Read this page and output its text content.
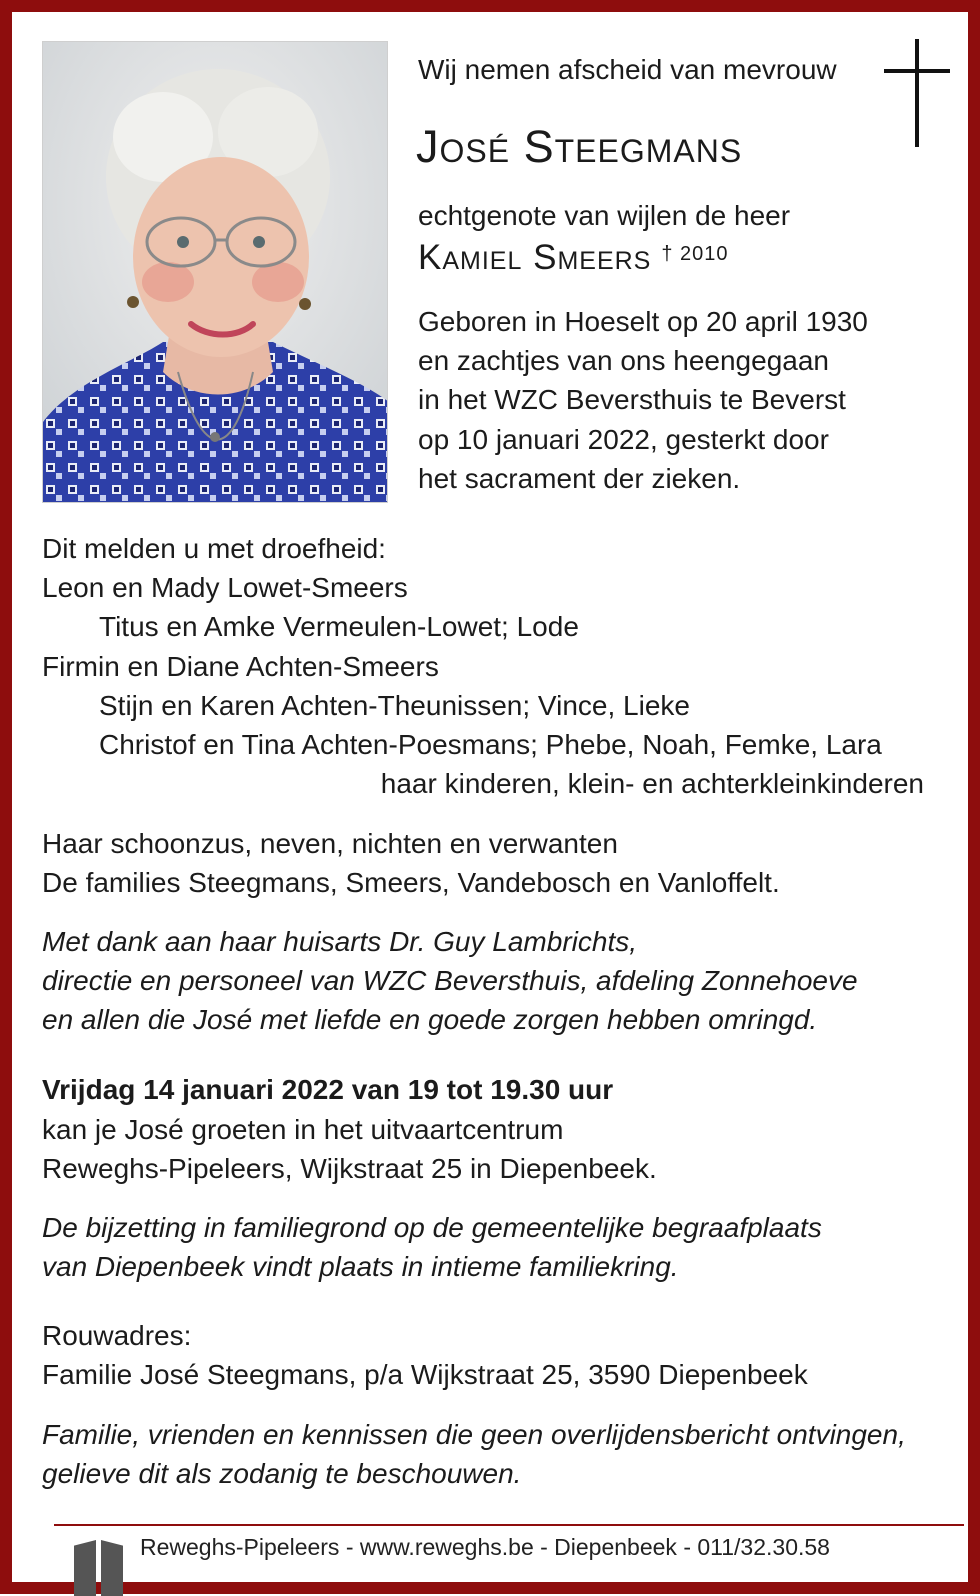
Wij nemen afscheid van mevrouw
José Steegmans
echtgenote van wijlen de heer
Kamiel Smeers $^{\dagger 2010}$
Geboren in Hoeselt op 20 april 1930
en zachtjes van ons heengegaan
in het WZC Beversthuis te Beverst
op 10 januari 2022, gesterkt door
het sacrament der zieken.
Dit melden u met droefheid:
Leon en Mady Lowet-Smeers
Titus en Amke Vermeulen-Lowet; Lode
Firmin en Diane Achten-Smeers
Stijn en Karen Achten-Theunissen; Vince, Lieke
Christof en Tina Achten-Poesmans; Phebe, Noah, Femke, Lara
haar kinderen, klein- en achterkleinkinderen
Haar schoonzus, neven, nichten en verwanten
De families Steegmans, Smeers, Vandebosch en Vanloffelt.
Met dank aan haar huisarts Dr. Guy Lambrichts,
directie en personeel van WZC Beversthuis, afdeling Zonnehoeve
en allen die José met liefde en goede zorgen hebben omringd.
Vrijdag 14 januari 2022 van 19 tot 19.30 uur
kan je José groeten in het uitvaartcentrum
Reweghs-Pipeleers, Wijkstraat 25 in Diepenbeek.
De bijzetting in familiegrond op de gemeentelijke begraafplaats
van Diepenbeek vindt plaats in intieme familiekring.
Rouwadres:
Familie José Steegmans, p/a Wijkstraat 25, 3590 Diepenbeek
Familie, vrienden en kennissen die geen overlijdensbericht ontvingen,
gelieve dit als zodanig te beschouwen.
Reweghs-Pipeleers - www.reweghs.be - Diepenbeek - 011/32.30.58
